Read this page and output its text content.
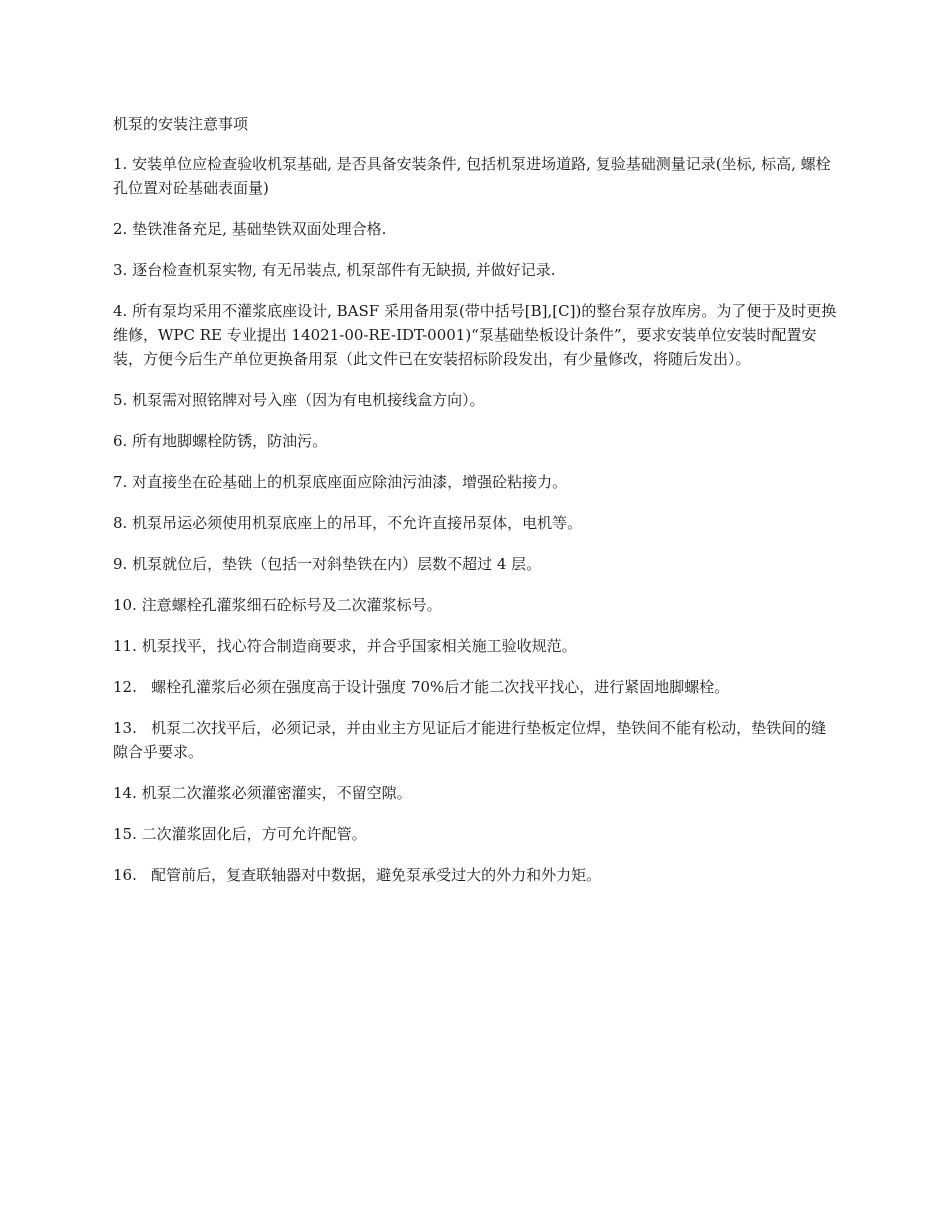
机泵的安装注意事项

1. 安装单位应检查验收机泵基础, 是否具备安装条件, 包括机泵进场道路, 复验基础测量记录(坐标, 标高, 螺栓孔位置对砼基础表面量)
2. 垫铁准备充足, 基础垫铁双面处理合格.
3. 逐台检查机泵实物, 有无吊装点, 机泵部件有无缺损, 并做好记录.
4. 所有泵均采用不灌浆底座设计, BASF 采用备用泵(带中括号[B],[C])的整台泵存放库房。为了便于及时更换维修，WPC RE 专业提出 14021-00-RE-IDT-0001)“泵基础垫板设计条件”，要求安装单位安装时配置安装，方便今后生产单位更换备用泵（此文件已在安装招标阶段发出，有少量修改，将随后发出）。
5. 机泵需对照铭牌对号入座（因为有电机接线盒方向）。
6. 所有地脚螺栓防锈，防油污。
7. 对直接坐在砼基础上的机泵底座面应除油污油漆，增强砼粘接力。
8. 机泵吊运必须使用机泵底座上的吊耳，不允许直接吊泵体，电机等。
9. 机泵就位后，垫铁（包括一对斜垫铁在内）层数不超过 4 层。
10. 注意螺栓孔灌浆细石砼标号及二次灌浆标号。
11. 机泵找平，找心符合制造商要求，并合乎国家相关施工验收规范。
12.   螺栓孔灌浆后必须在强度高于设计强度 70%后才能二次找平找心，进行紧固地脚螺栓。
13.   机泵二次找平后，必须记录，并由业主方见证后才能进行垫板定位焊，垫铁间不能有松动，垫铁间的缝隙合乎要求。
14. 机泵二次灌浆必须灌密灌实，不留空隙。
15. 二次灌浆固化后，方可允许配管。
16.   配管前后，复查联轴器对中数据，避免泵承受过大的外力和外力矩。
